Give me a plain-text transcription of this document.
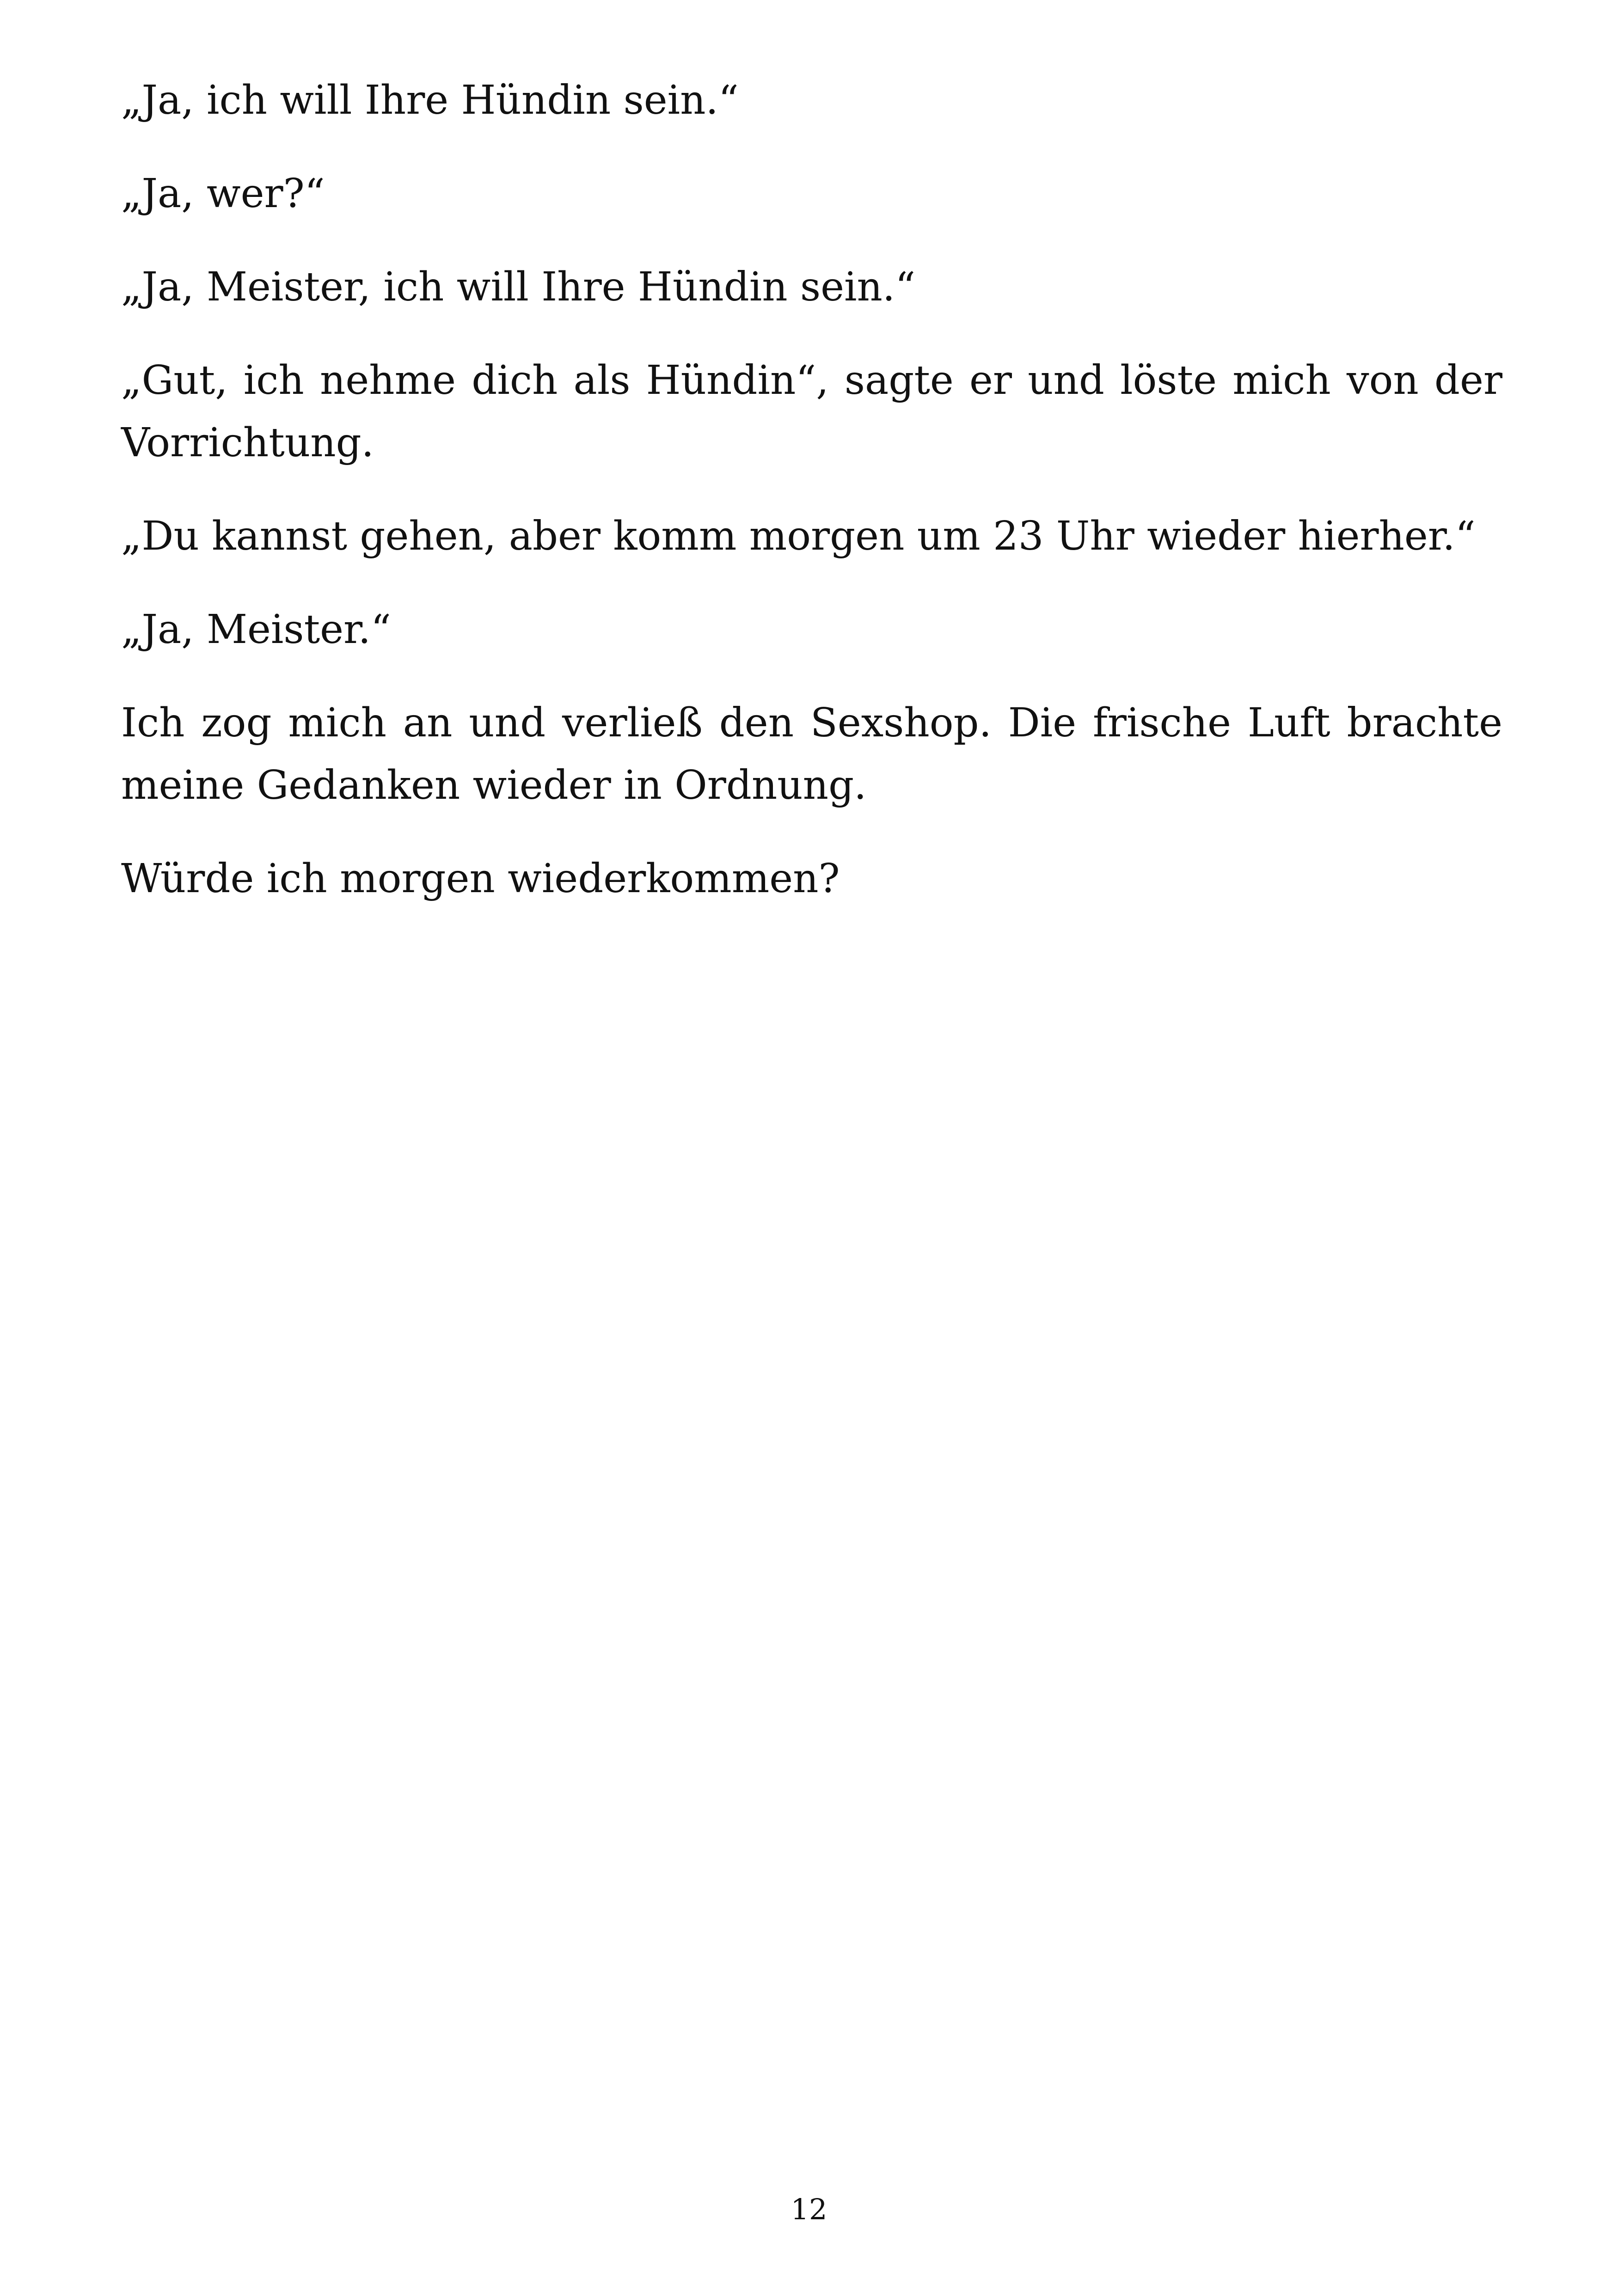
„Ja, ich will Ihre Hündin sein.“

„Ja, wer?“

„Ja, Meister, ich will Ihre Hündin sein.“

„Gut, ich nehme dich als Hündin“, sagte er und löste mich von der Vorrichtung.

„Du kannst gehen, aber komm morgen um 23 Uhr wieder hierher.“

„Ja, Meister.“

Ich zog mich an und verließ den Sexshop. Die frische Luft brachte meine Gedanken wieder in Ordnung.

Würde ich morgen wiederkommen?

12
